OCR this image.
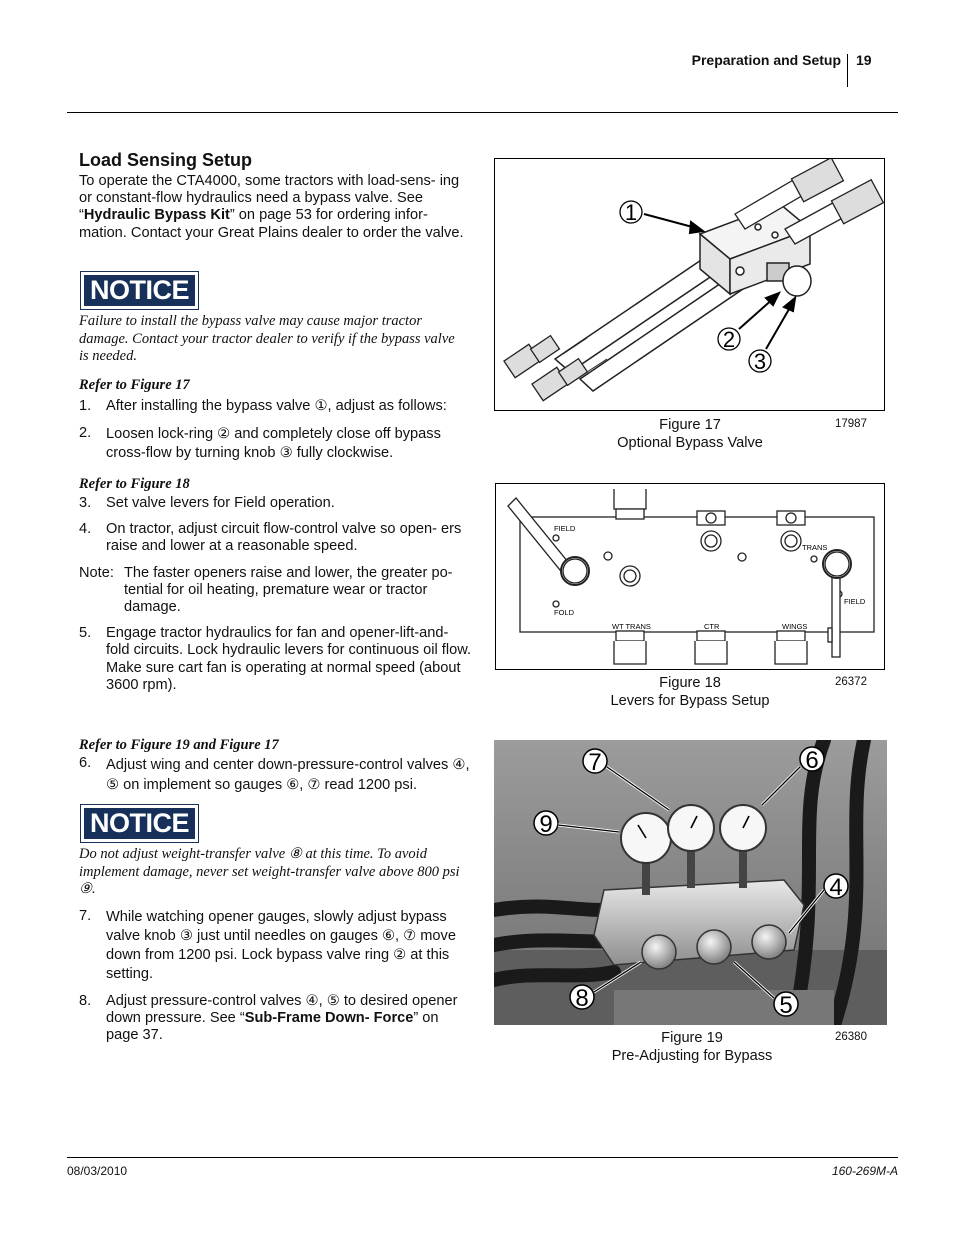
Preparation and Setup 19
Load Sensing Setup

To operate the CTA4000, some tractors with load-sens- ing or constant-flow hydraulics need a bypass valve. See “Hydraulic Bypass Kit” on page 53 for ordering infor- mation. Contact your Great Plains dealer to order the valve.

NOTICE
Failure to install the bypass valve may cause major tractor damage. Contact your tractor dealer to verify if the bypass valve is needed.
Refer to Figure 17
1.	After installing the bypass valve ①, adjust as follows:
2.	Loosen lock-ring ② and completely close off bypass cross-flow by turning knob ③ fully clockwise.
Refer to Figure 18
3.	Set valve levers for Field operation.
4.	On tractor, adjust circuit flow-control valve so open- ers raise and lower at a reasonable speed.
Note: The faster openers raise and lower, the greater po- tential for oil heating, premature wear or tractor damage.
5.	Engage tractor hydraulics for fan and opener-lift-and- fold circuits. Lock hydraulic levers for continuous oil flow. Make sure cart fan is operating at normal speed (about 3600 rpm).
Refer to Figure 19 and Figure 17
6.	Adjust wing and center down-pressure-control valves ④, ⑤ on implement so gauges ⑥, ⑦ read 1200 psi.
NOTICE
Do not adjust weight-transfer valve ⑧ at this time. To avoid implement damage, never set weight-transfer valve above 800 psi ⑨.
7.	While watching opener gauges, slowly adjust bypass valve knob ③ just until needles on gauges ⑥, ⑦ move down from 1200 psi. Lock bypass valve ring ② at this setting.
8.	Adjust pressure-control valves ④, ⑤ to desired opener down pressure. See “Sub-Frame Down- Force” on page 37.
1
2
3
Figure 17
Optional Bypass Valve
17987
FIELD
FOLD
TRANS
FIELD
WT TRANS	CTR	WINGS
Figure 18
Levers for Bypass Setup
26372
7	6
9
4
8	5
Figure 19
Pre-Adjusting for Bypass
26380
08/03/2010	160-269M-A
